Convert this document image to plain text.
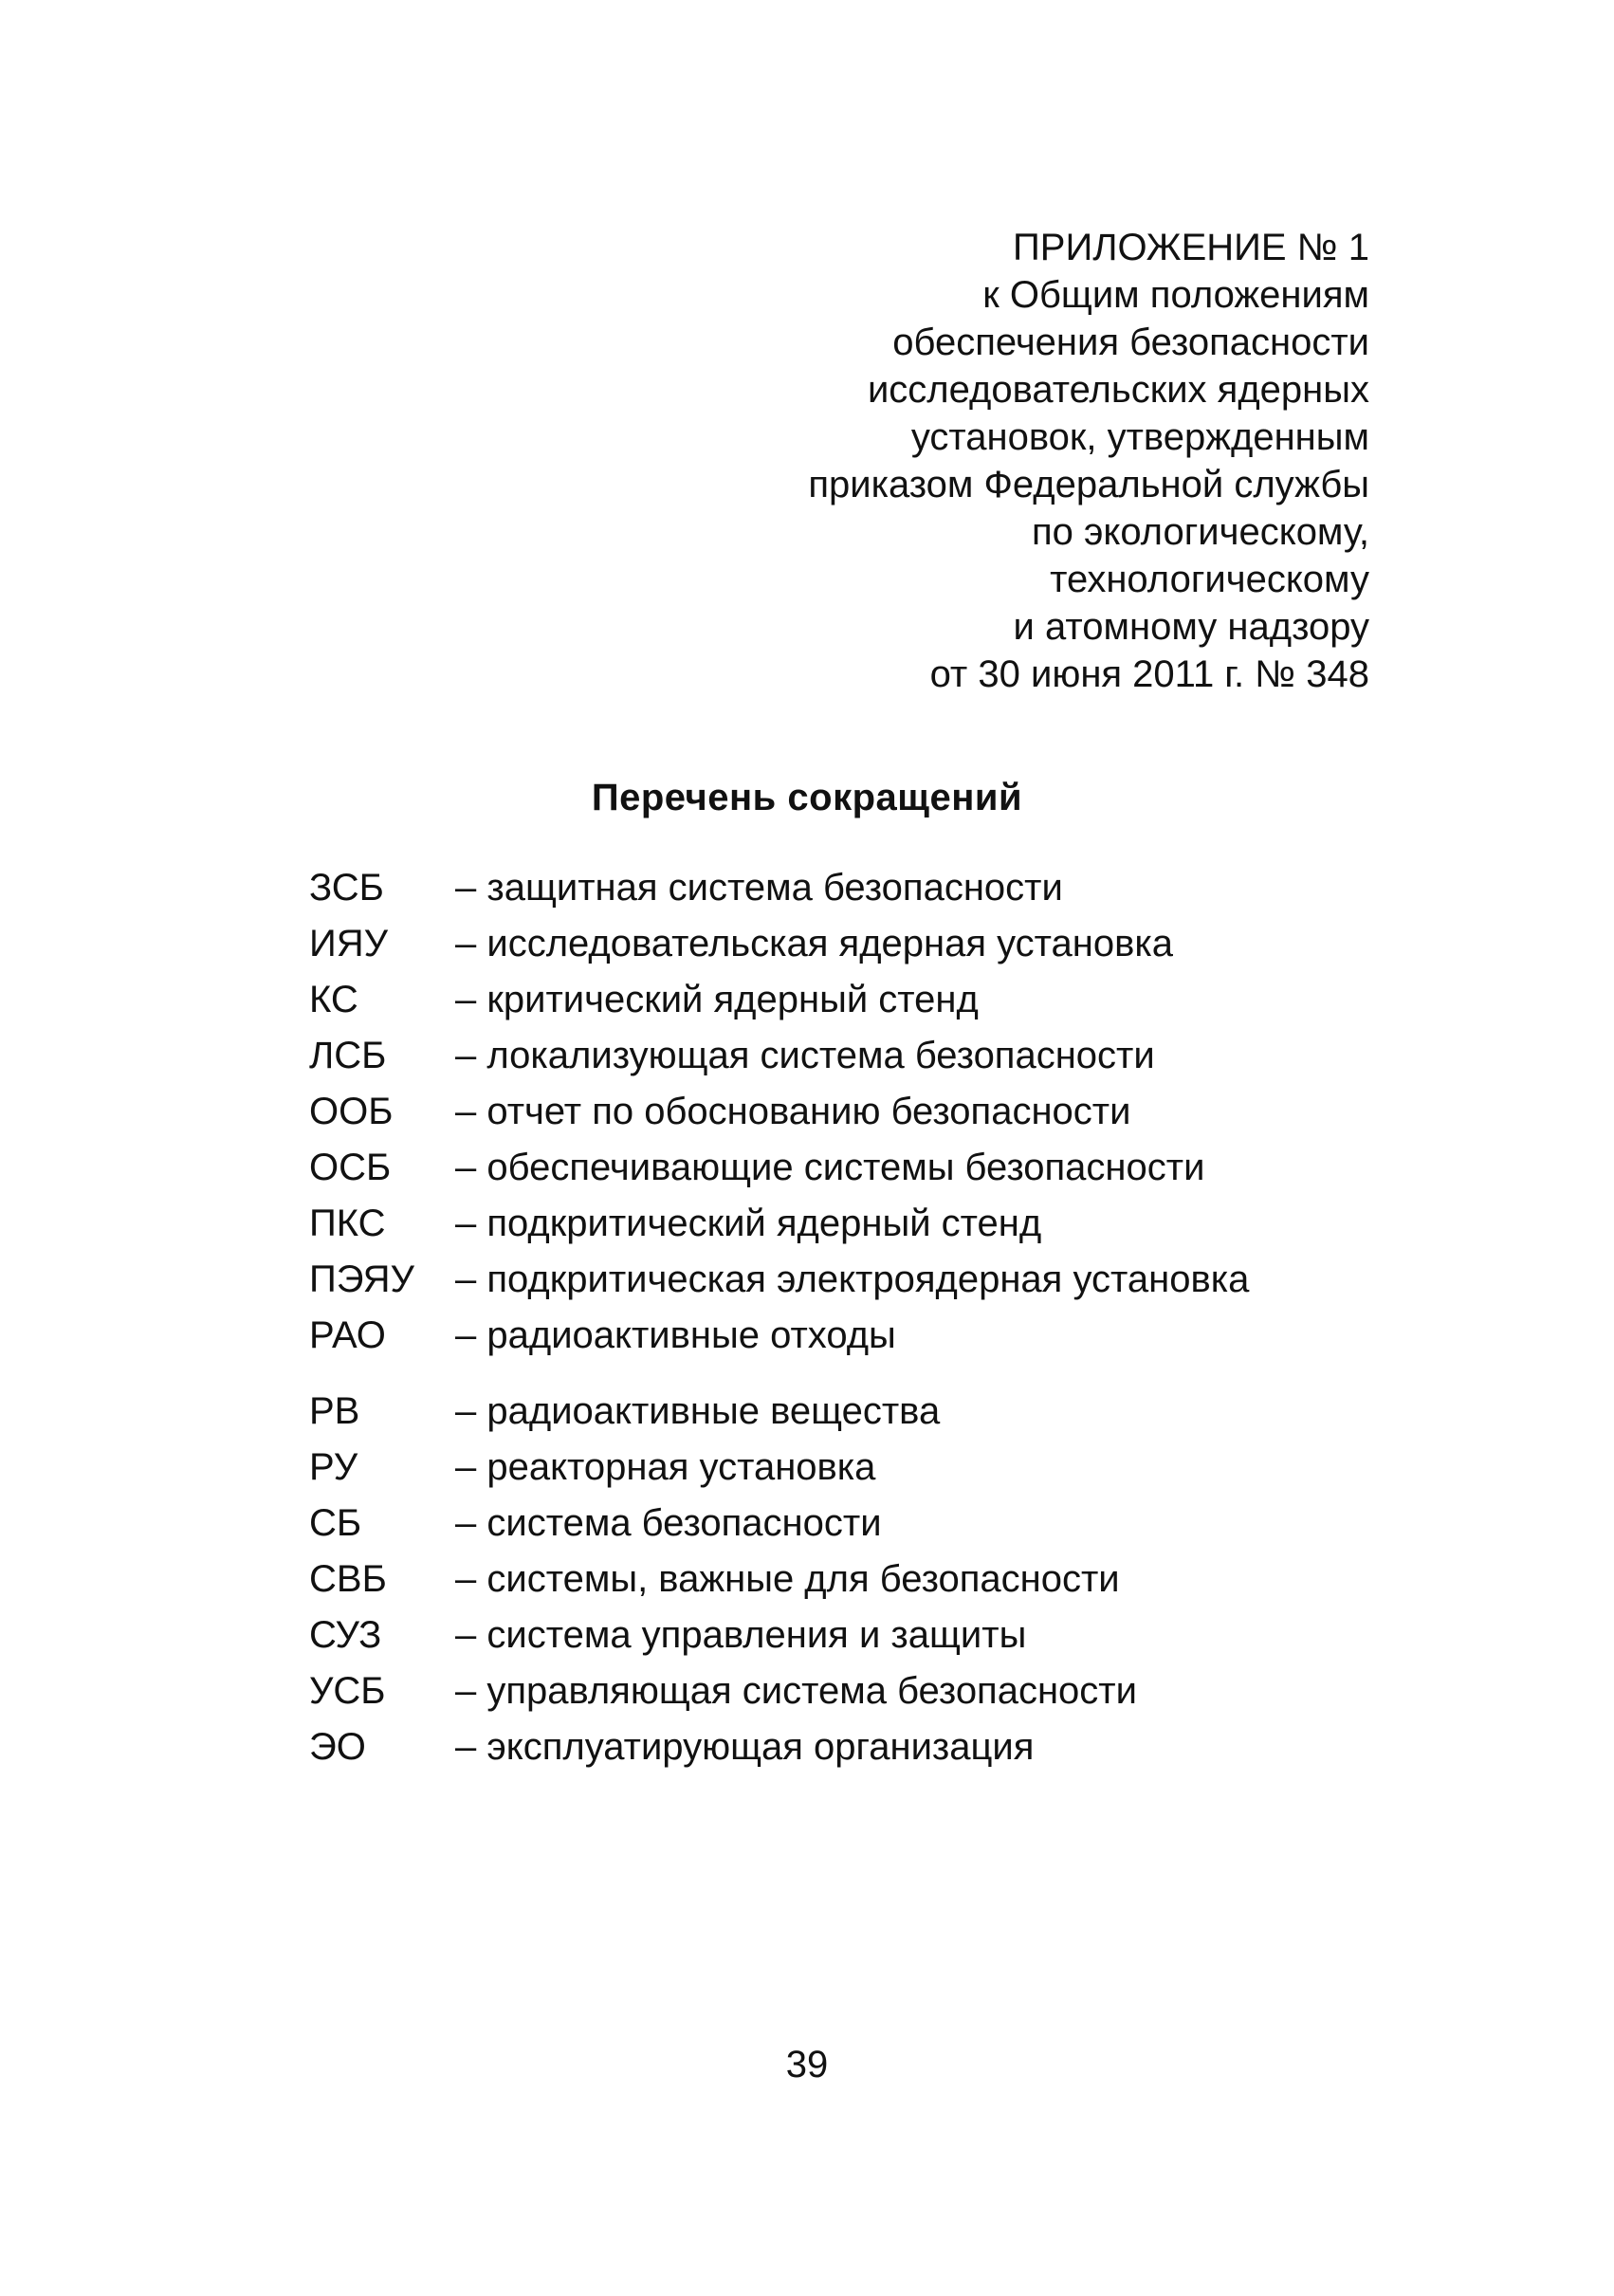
ПРИЛОЖЕНИЕ № 1
к Общим положениям
обеспечения безопасности
исследовательских ядерных
установок, утвержденным
приказом Федеральной службы
по экологическому,
технологическому
и атомному надзору
от 30 июня 2011 г. № 348
Перечень сокращений
ЗСБ	– защитная система безопасности
ИЯУ	– исследовательская ядерная установка
КС	– критический ядерный стенд
ЛСБ	– локализующая система безопасности
ООБ	– отчет по обоснованию безопасности
ОСБ	– обеспечивающие системы безопасности
ПКС	– подкритический ядерный стенд
ПЭЯУ	– подкритическая электроядерная установка
РАО	– радиоактивные отходы
РВ	– радиоактивные вещества
РУ	– реакторная установка
СБ	– система безопасности
СВБ	– системы, важные для безопасности
СУЗ	– система управления и защиты
УСБ	– управляющая система безопасности
ЭО	– эксплуатирующая организация
39
